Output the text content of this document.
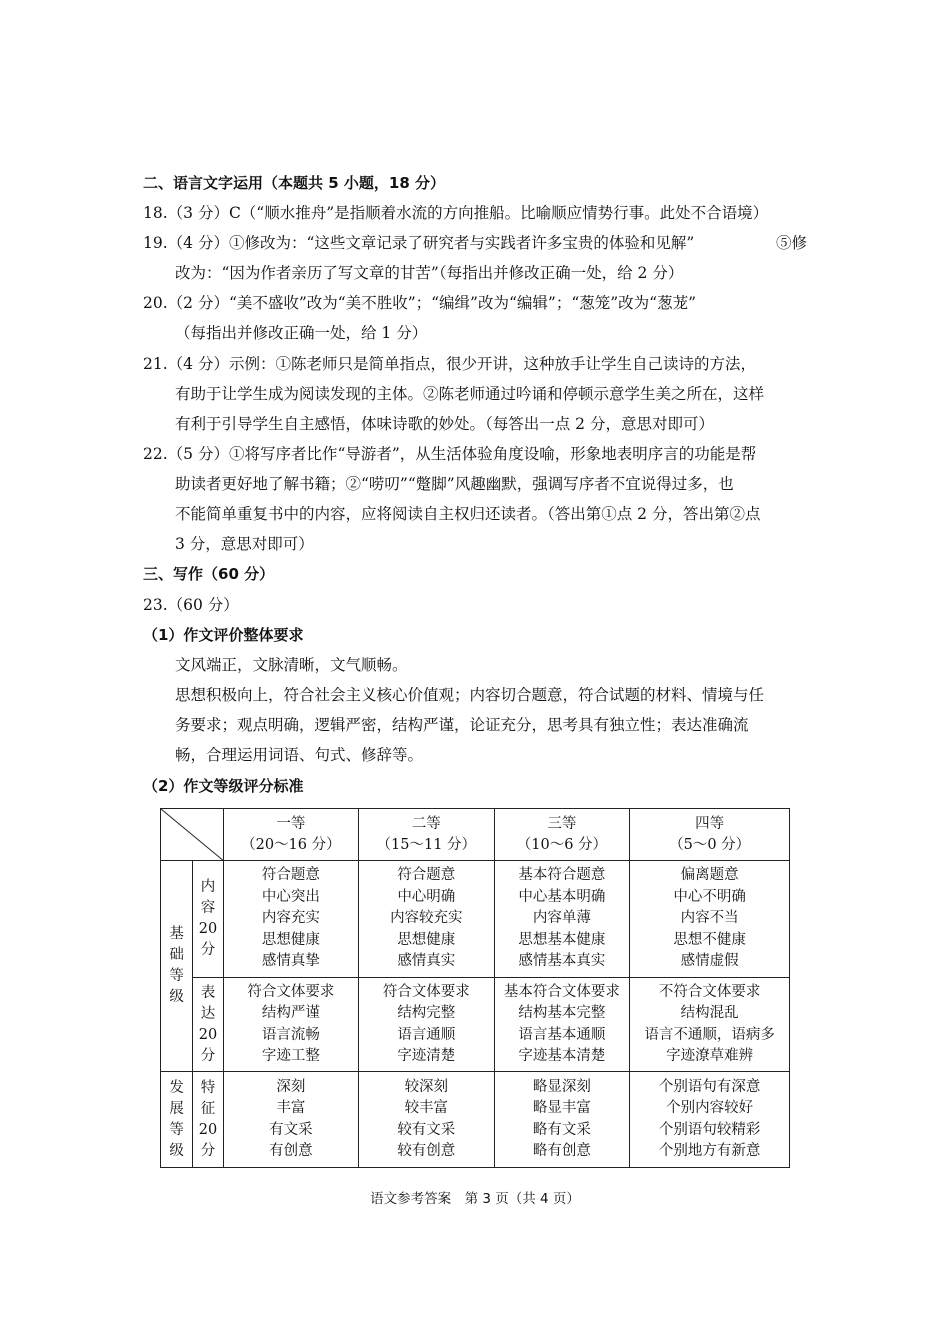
二、语言文字运用（本题共 5 小题，18 分）
18.（3 分）C（“顺水推舟”是指顺着水流的方向推船。比喻顺应情势行事。此处不合语境）
19.（4 分）①修改为：“这些文章记录了研究者与实践者许多宝贵的体验和见解”	⑤修
改为：“因为作者亲历了写文章的甘苦”（每指出并修改正确一处，给 2 分）
20.（2 分）“美不盛收”改为“美不胜收”；“编缉”改为“编辑”；“葱笼”改为“葱茏”
（每指出并修改正确一处，给 1 分）
21.（4 分）示例：①陈老师只是简单指点，很少开讲，这种放手让学生自己读诗的方法，
有助于让学生成为阅读发现的主体。②陈老师通过吟诵和停顿示意学生美之所在，这样
有利于引导学生自主感悟，体味诗歌的妙处。（每答出一点 2 分，意思对即可）
22.（5 分）①将写序者比作“导游者”，从生活体验角度设喻，形象地表明序言的功能是帮
助读者更好地了解书籍；②“唠叨”“蹩脚”风趣幽默，强调写序者不宜说得过多，也
不能简单重复书中的内容，应将阅读自主权归还读者。（答出第①点 2 分，答出第②点
3 分，意思对即可）
三、写作（60 分）
23.（60 分）
（1）作文评价整体要求
文风端正，文脉清晰，文气顺畅。
思想积极向上，符合社会主义核心价值观；内容切合题意，符合试题的材料、情境与任
务要求；观点明确，逻辑严密，结构严谨，论证充分，思考具有独立性；表达准确流
畅，合理运用词语、句式、修辞等。
（2）作文等级评分标准

一等
（20～16 分）	二等
（15～11 分）	三等
（10～6 分）	四等
（5～0 分）

基
础
等
级	内
容
20
分	符合题意
中心突出
内容充实
思想健康
感情真挚	符合题意
中心明确
内容较充实
思想健康
感情真实	基本符合题意
中心基本明确
内容单薄
思想基本健康
感情基本真实	偏离题意
中心不明确
内容不当
思想不健康
感情虚假

	表
达
20
分	符合文体要求
结构严谨
语言流畅
字迹工整	符合文体要求
结构完整
语言通顺
字迹清楚	基本符合文体要求
结构基本完整
语言基本通顺
字迹基本清楚	不符合文体要求
结构混乱
语言不通顺，语病多
字迹潦草难辨

发
展
等
级	特
征
20
分	深刻
丰富
有文采
有创意	较深刻
较丰富
较有文采
较有创意	略显深刻
略显丰富
略有文采
略有创意	个别语句有深意
个别内容较好
个别语句较精彩
个别地方有新意
语文参考答案　第 3 页（共 4 页）
